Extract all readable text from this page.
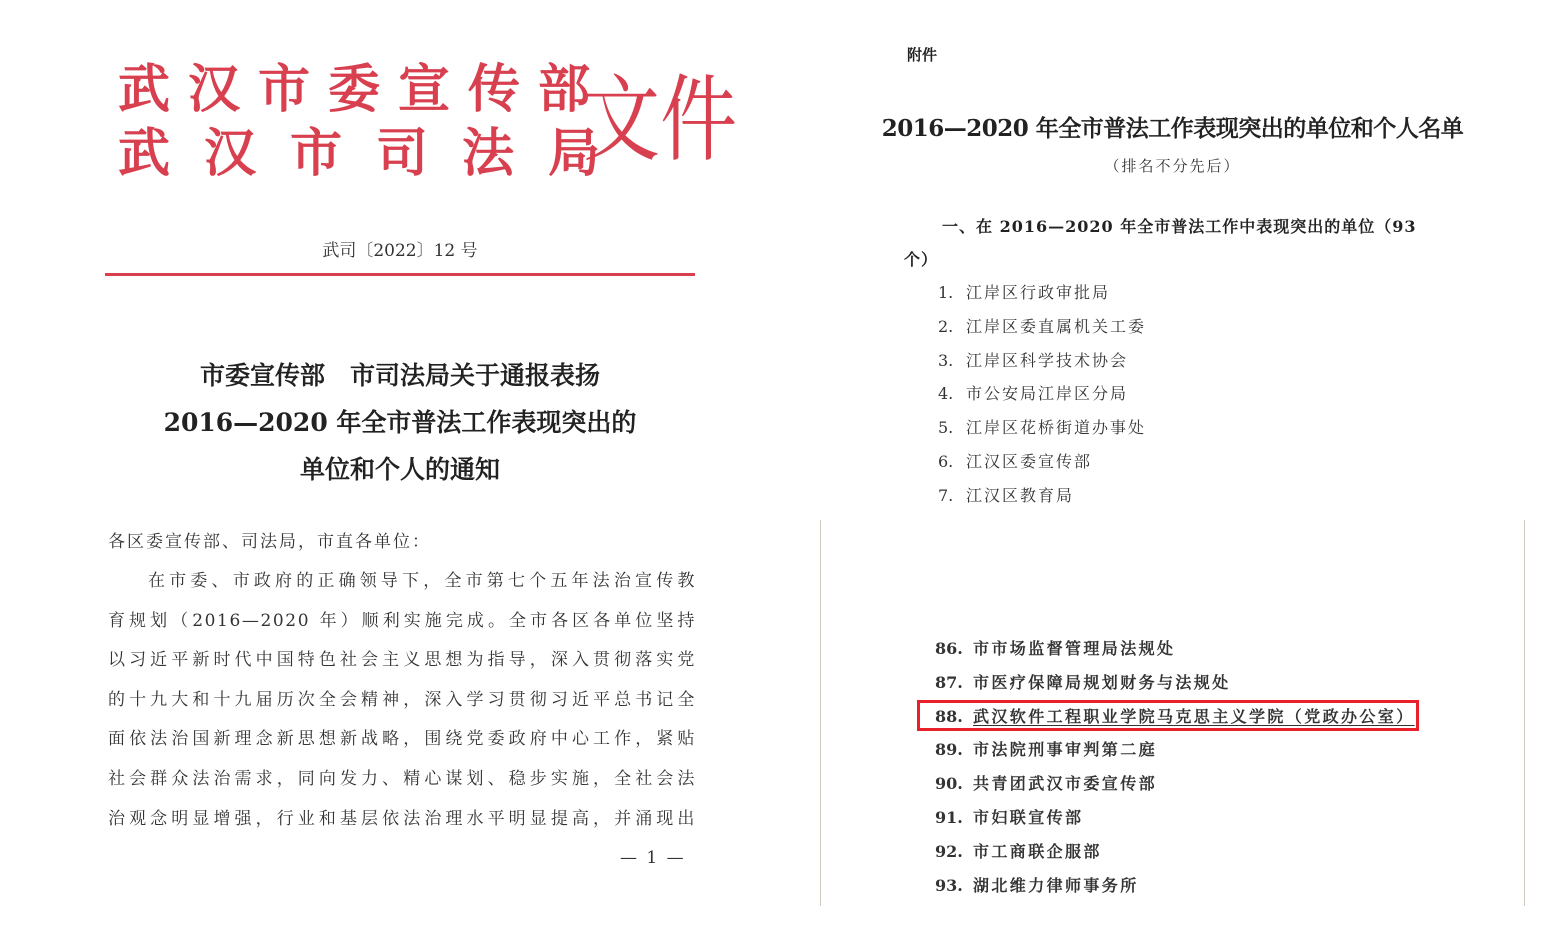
武汉市委宣传部
武汉市司法局
文件
武司〔2022〕12 号
市委宣传部　市司法局关于通报表扬
2016—2020 年全市普法工作表现突出的
单位和个人的通知
各区委宣传部、司法局，市直各单位：
在市委、市政府的正确领导下，全市第七个五年法治宣传教
育规划（2016—2020 年）顺利实施完成。全市各区各单位坚持
以习近平新时代中国特色社会主义思想为指导，深入贯彻落实党
的十九大和十九届历次全会精神，深入学习贯彻习近平总书记全
面依法治国新理念新思想新战略，围绕党委政府中心工作，紧贴
社会群众法治需求，同向发力、精心谋划、稳步实施，全社会法
治观念明显增强，行业和基层依法治理水平明显提高，并涌现出
— 1 —
附件
2016—2020 年全市普法工作表现突出的单位和个人名单
（排名不分先后）
一、在 2016—2020 年全市普法工作中表现突出的单位（93 个）
1. 江岸区行政审批局
2. 江岸区委直属机关工委
3. 江岸区科学技术协会
4. 市公安局江岸区分局
5. 江岸区花桥街道办事处
6. 江汉区委宣传部
7. 江汉区教育局
86. 市市场监督管理局法规处
87. 市医疗保障局规划财务与法规处
88. 武汉软件工程职业学院马克思主义学院（党政办公室）
89. 市法院刑事审判第二庭
90. 共青团武汉市委宣传部
91. 市妇联宣传部
92. 市工商联企服部
93. 湖北维力律师事务所
